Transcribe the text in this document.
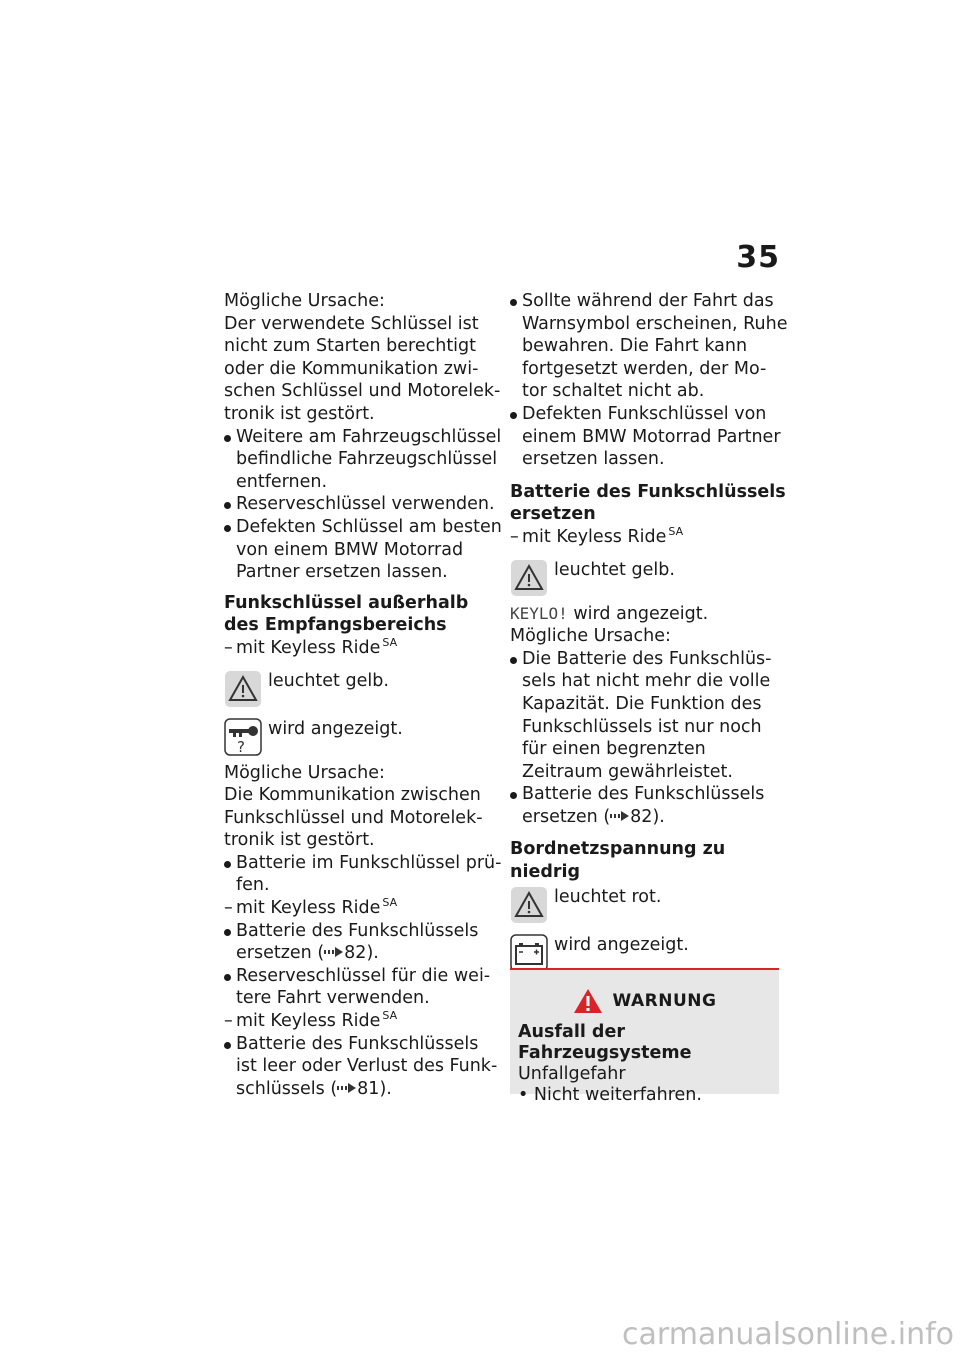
35

Mögliche Ursache:

Der verwendete Schlüssel ist nicht zum Starten berechtigt oder die Kommunikation zwi-schen Schlüssel und Motorelek-tronik ist gestört.

Weitere am Fahrzeugschlüssel befindliche Fahrzeugschlüssel entfernen.

Reserveschlüssel verwenden.

Defekten Schlüssel am besten von einem BMW Motorrad Partner ersetzen lassen.

Funkschlüssel außerhalb des Empfangsbereichs

– mit Keyless Ride $^{SA}$

leuchtet gelb.
?
wird angezeigt.

Mögliche Ursache:

Die Kommunikation zwischen Funkschlüssel und Motorelek-tronik ist gestört.

Batterie im Funkschlüssel prü-fen.

– mit Keyless Ride $^{SA}$

Batterie des Funkschlüssels ersetzen ( 82).

Reserveschlüssel für die wei-tere Fahrt verwenden.

– mit Keyless Ride $^{SA}$

Batterie des Funkschlüssels ist leer oder Verlust des Funk-schlüssels ( 81).

Sollte während der Fahrt das Warnsymbol erscheinen, Ruhe bewahren. Die Fahrt kann fortgesetzt werden, der Mo-tor schaltet nicht ab.

Defekten Funkschlüssel von einem BMW Motorrad Partner ersetzen lassen.

Batterie des Funkschlüssels ersetzen

– mit Keyless Ride $^{SA}$

leuchtet gelb.

KEYLO! wird angezeigt.

Mögliche Ursache:

Die Batterie des Funkschlüs-sels hat nicht mehr die volle Kapazität. Die Funktion des Funkschlüssels ist nur noch für einen begrenzten Zeitraum gewährleistet.

Batterie des Funkschlüssels ersetzen ( 82).

Bordnetzspannung zu niedrig

leuchtet rot.
wird angezeigt.
WARNUNG
Ausfall der Fahrzeugsysteme
Unfallgefahr
• Nicht weiterfahren.
carmanualsonline.info
